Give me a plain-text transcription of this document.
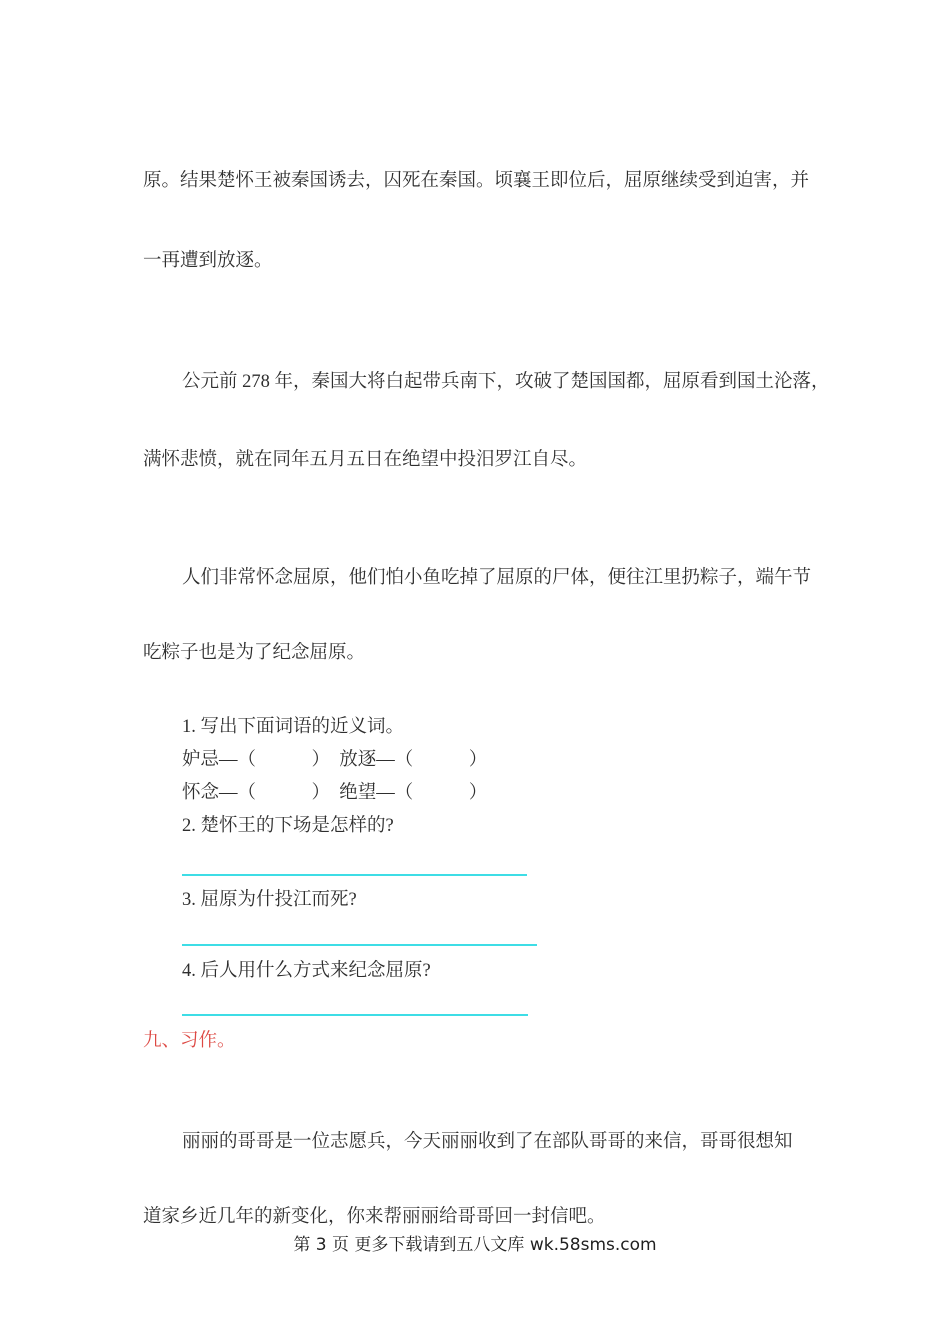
原。结果楚怀王被秦国诱去，囚死在秦国。顷襄王即位后，屈原继续受到迫害，并

一再遭到放逐。

公元前 278 年，秦国大将白起带兵南下，攻破了楚国国都，屈原看到国土沦落，

满怀悲愤，就在同年五月五日在绝望中投汨罗江自尽。

人们非常怀念屈原，他们怕小鱼吃掉了屈原的尸体，便往江里扔粽子，端午节

吃粽子也是为了纪念屈原。

1. 写出下面词语的近义词。
妒忌—（　　　）　放逐—（　　　）
怀念—（　　　）　绝望—（　　　）
2. 楚怀王的下场是怎样的?
3. 屈原为什投江而死?
4. 后人用什么方式来纪念屈原?
九、习作。

丽丽的哥哥是一位志愿兵，今天丽丽收到了在部队哥哥的来信，哥哥很想知

道家乡近几年的新变化，你来帮丽丽给哥哥回一封信吧。

第 3 页 更多下载请到五八文库 wk.58sms.com
